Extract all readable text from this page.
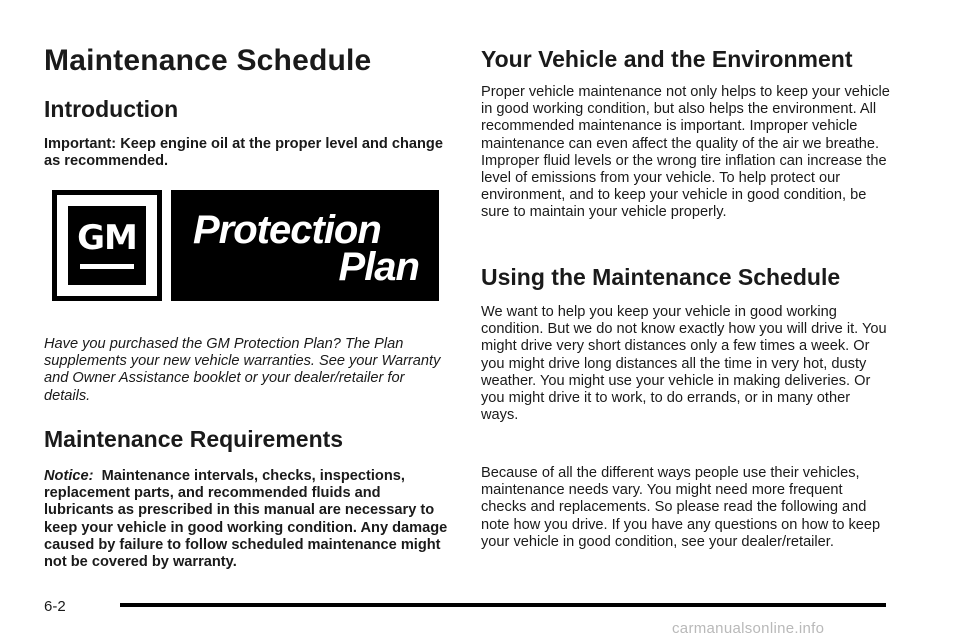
Maintenance Schedule
Introduction

Important: Keep engine oil at the proper level and change as recommended.

GM Protection
Plan

Have you purchased the GM Protection Plan? The Plan supplements your new vehicle warranties. See your Warranty and Owner Assistance booklet or your dealer/retailer for details.

Maintenance Requirements

Notice: Maintenance intervals, checks, inspections, replacement parts, and recommended fluids and lubricants as prescribed in this manual are necessary to keep your vehicle in good working condition. Any damage caused by failure to follow scheduled maintenance might not be covered by warranty.

Your Vehicle and the Environment

Proper vehicle maintenance not only helps to keep your vehicle in good working condition, but also helps the environment. All recommended maintenance is important. Improper vehicle maintenance can even affect the quality of the air we breathe. Improper fluid levels or the wrong tire inflation can increase the level of emissions from your vehicle. To help protect our environment, and to keep your vehicle in good condition, be sure to maintain your vehicle properly.

Using the Maintenance Schedule

We want to help you keep your vehicle in good working condition. But we do not know exactly how you will drive it. You might drive very short distances only a few times a week. Or you might drive long distances all the time in very hot, dusty weather. You might use your vehicle in making deliveries. Or you might drive it to work, to do errands, or in many other ways.

Because of all the different ways people use their vehicles, maintenance needs vary. You might need more frequent checks and replacements. So please read the following and note how you drive. If you have any questions on how to keep your vehicle in good condition, see your dealer/retailer.

6-2
carmanualsonline.info
